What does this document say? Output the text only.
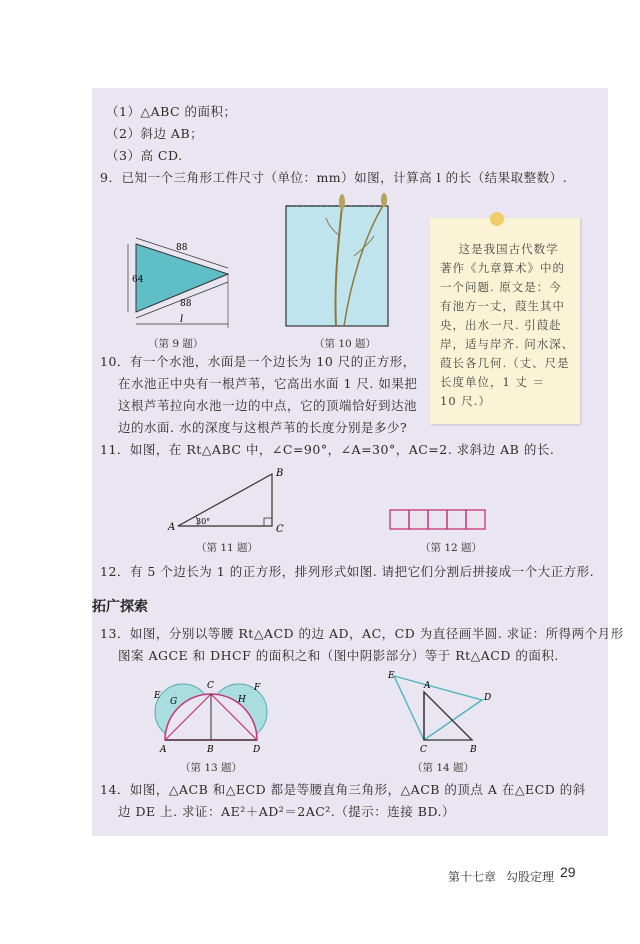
（1）△ABC 的面积；
（2）斜边 AB；
（3）高 CD.
9．已知一个三角形工件尺寸（单位：mm）如图，计算高 l 的长（结果取整数）.
88
88
64
l
（第 9 题）	（第 10 题）
这是我国古代数学
著作《九章算术》中的
一个问题. 原文是：今
有池方一丈，葭生其中
央，出水一尺. 引葭赴
岸，适与岸齐. 问水深、
葭长各几何.（丈、尺是
长度单位，1 丈 ＝
10 尺.）
10．有一个水池，水面是一个边长为 10 尺的正方形，
在水池正中央有一根芦苇，它高出水面 1 尺. 如果把
这根芦苇拉向水池一边的中点，它的顶端恰好到达池
边的水面. 水的深度与这根芦苇的长度分别是多少?
11．如图，在 Rt△ABC 中，∠C=90°，∠A=30°，AC=2. 求斜边 AB 的长.
A
B
C
30°
（第 11 题）	（第 12 题）
12．有 5 个边长为 1 的正方形，排列形式如图. 请把它们分割后拼接成一个大正方形.
拓广探索
13．如图，分别以等腰 Rt△ACD 的边 AD，AC，CD 为直径画半圆. 求证：所得两个月形
图案 AGCE 和 DHCF 的面积之和（图中阴影部分）等于 Rt△ACD 的面积.
E
G
C
H
F
A	B	D
（第 13 题）
E
A
D
C	B
（第 14 题）
14．如图，△ACB 和△ECD 都是等腰直角三角形，△ACB 的顶点 A 在△ECD 的斜
边 DE 上. 求证：AE²＋AD²＝2AC².（提示：连接 BD.）
第十七章 勾股定理 29
